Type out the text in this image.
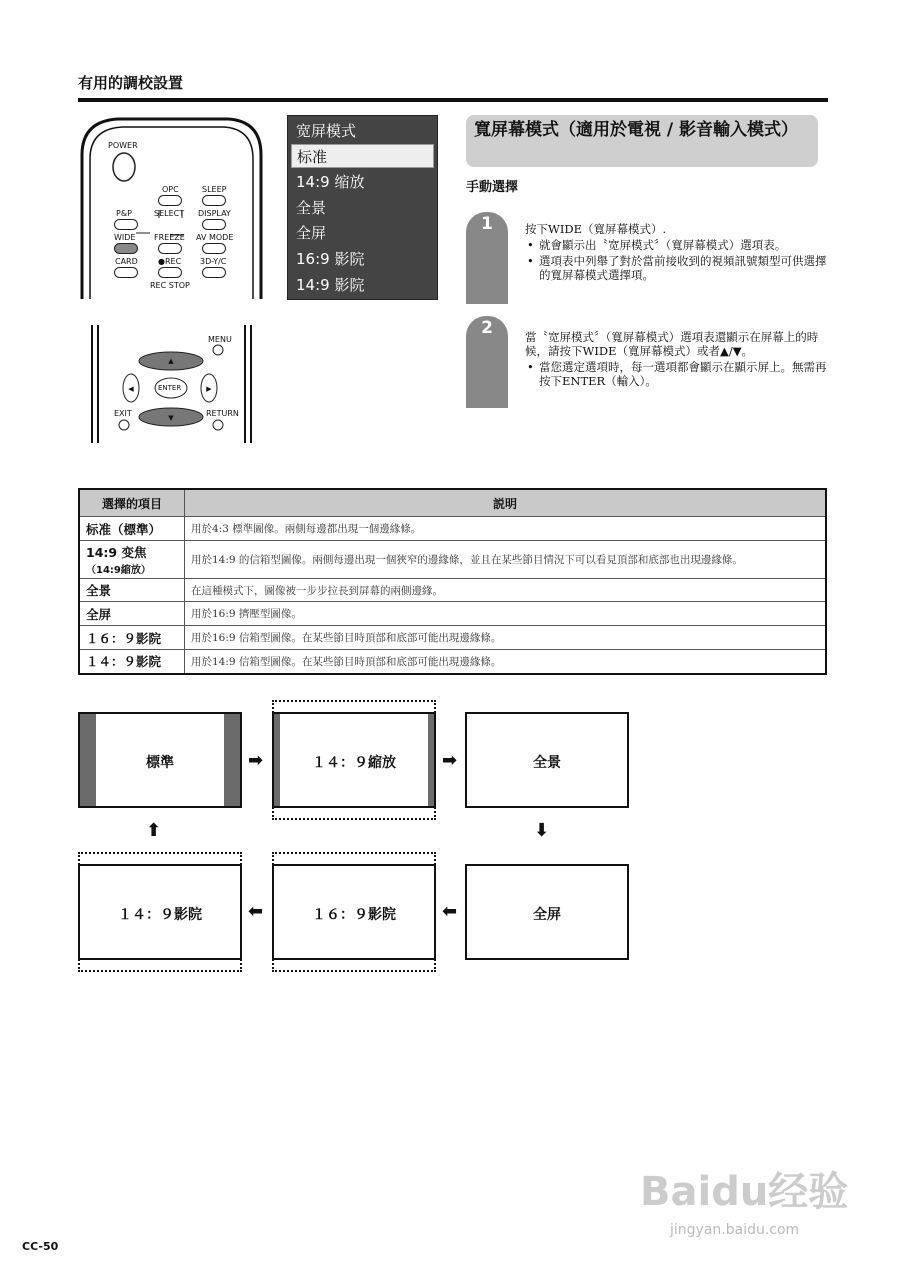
有用的調校設置
POWER
OPC	SLEEP
P&P	SELECT DISPLAY
WIDE FREEZE AV MODE
CARD	●REC 3D-Y/C
REC STOP
▲
▼
◀	▶
MENU
ENTER
EXIT	RETURN
宽屏模式
标准
14:9 缩放
全景
全屏
16:9 影院
14:9 影院
寬屏幕模式（適用於電視 / 影音輸入模式）
手動選擇
1	按下WIDE（寬屏幕模式）.
• 就會顯示出〝宽屏模式〞（寬屏幕模式）選項表。
• 選項表中列舉了對於當前接收到的視頻訊號類型可供選擇的寬屏幕模式選擇項。
2	當〝宽屏模式〞（寬屏幕模式）選項表還顯示在屏幕上的時候，請按下WIDE（寬屏幕模式）或者▲/▼。
• 當您選定選項時，每一選項都會顯示在顯示屏上。無需再按下ENTER（輸入）。
選擇的項目	説明
标准（標準）	用於4:3 標準圖像。兩側每邊都出現一個邊緣條。

14:9 变焦
（14:9縮放）	用於14:9 的信箱型圖像。兩側每邊出現一個狹窄的邊緣條，並且在某些節目情況下可以看見頂部和底部也出現邊緣條。
全景	在這種模式下，圖像被一步步拉長到屏幕的兩側邊緣。
全屏	用於16:9 擠壓型圖像。
１６：９影院	用於16:9 信箱型圖像。在某些節目時頂部和底部可能出現邊緣條。
１４：９影院	用於14:9 信箱型圖像。在某些節目時頂部和底部可能出現邊緣條。
標準	➡	１４：９縮放	➡	全景
⬆	⬇
１４：９影院	⬅	１６：９影院	⬅	全屏
CC-50
Baidu经验
jingyan.baidu.com
